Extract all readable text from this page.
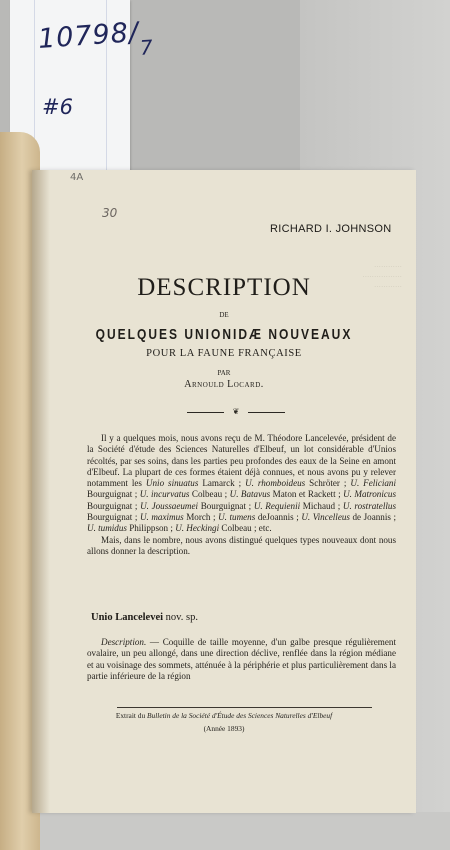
$10798/_7$
#6
4A
30
············
·················
············
RICHARD I. JOHNSON
DESCRIPTION
DE
QUELQUES UNIONIDÆ NOUVEAUX
POUR LA FAUNE FRANÇAISE
PAR
Arnould Locard.
❦

Il y a quelques mois, nous avons reçu de M. Théodore Lancelevée, président de la Société d'étude des Sciences Naturelles d'Elbeuf, un lot considérable d'Unios récoltés, par ses soins, dans les parties peu profondes des eaux de la Seine en amont d'Elbeuf. La plupart de ces formes étaient déjà connues, et nous avons pu y relever notamment les Unio sinuatus Lamarck ; U. rhomboideus Schröter ; U. Feliciani Bourguignat ; U. incurvatus Colbeau ; U. Batavus Maton et Rackett ; U. Matronicus Bourguignat ; U. Joussaeumei Bourguignat ; U. Requienii Michaud ; U. rostratellus Bourguignat ; U. maximus Morch ; U. tumens deJoannis ; U. Vincelleus de Joannis ; U. tumidus Philippson ; U. Heckingi Colbeau ; etc.

Mais, dans le nombre, nous avons distingué quelques types nouveaux dont nous allons donner la description.

Unio Lancelevei nov. sp.
Description. — Coquille de taille moyenne, d'un galbe presque régulièrement ovalaire, un peu allongé, dans une direction déclive, renflée dans la région médiane et au voisinage des sommets, atténuée à la périphérie et plus particulièrement dans la partie inférieure de la région
Extrait du Bulletin de la Société d'Étude des Sciences Naturelles d'Elbeuf
(Année 1893)
